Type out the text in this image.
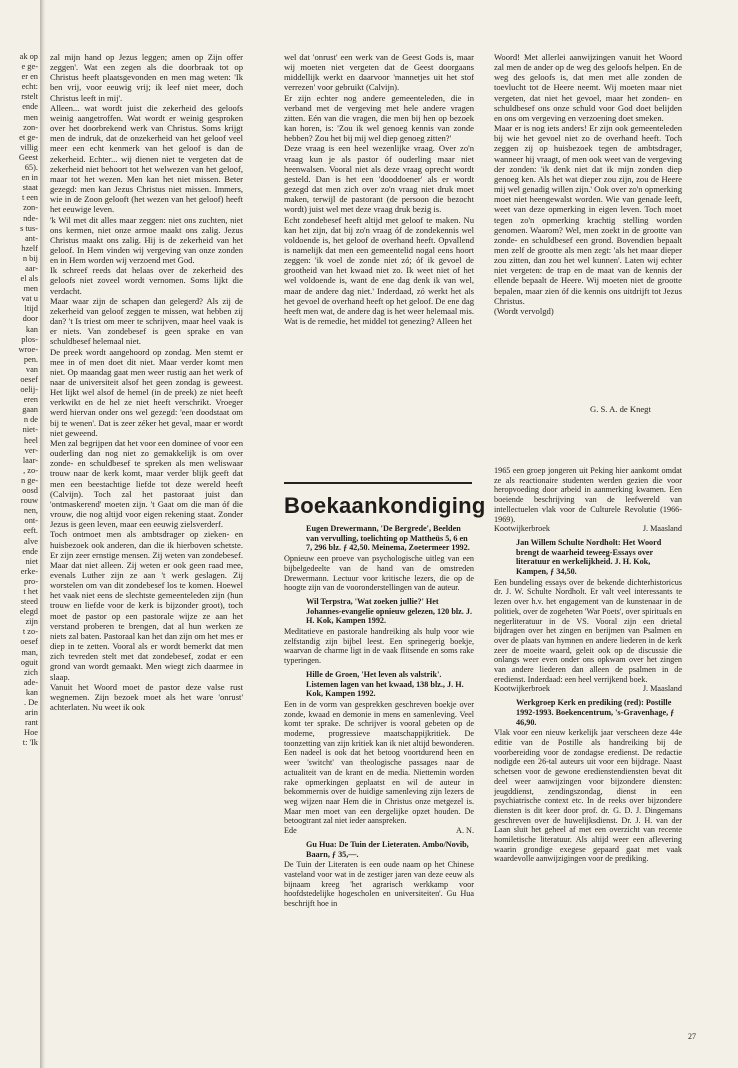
ak op
e ge-
er en
echt:
rstelt
ende
men
zon-
et ge-
villig
Geest
65).
en in
staat
t een
zon-
nde-
s tus-
ant-
hzelf
n bij
aar-
el als
men
vat u
ltijd
door
kan
plos-
wroe-
pen.
van
oesef
oelij-
eren
gaan
n de
niet-
heel
ver-
laar-
, zo-
n ge-
oosd
rouw
nen,
ont-
eeft.
alve
ende
niet
erke-
pro-
t het
steed
elegd
zijn
t zo-
oesef
man,
oguit
zich
ade-
kan
. De
arin
rant
Hoe
t: 'Ik

zal mijn hand op Jezus leggen; amen op Zijn offer zeggen'. Wat een zegen als die doorbraak tot op Christus heeft plaatsgevonden en men mag weten: 'Ik ben vrij, voor eeuwig vrij; ik leef niet meer, doch Christus leeft in mij'.

Alleen... wat wordt juist die zekerheid des geloofs weinig aangetroffen. Wat wordt er weinig gesproken over het doorbrekend werk van Christus. Soms krijgt men de indruk, dat de onzekerheid van het geloof veel meer een echt kenmerk van het geloof is dan de zekerheid. Echter... wij dienen niet te vergeten dat de zekerheid niet behoort tot het welwezen van het geloof, maar tot het wezen. Men kan het niet missen. Beter gezegd: men kan Jezus Christus niet missen. Immers, wie in de Zoon gelooft (het wezen van het geloof) heeft het eeuwige leven.

'k Wil met dit alles maar zeggen: niet ons zuchten, niet ons kermen, niet onze armoe maakt ons zalig. Jezus Christus maakt ons zalig. Hij is de zekerheid van het geloof. In Hem vinden wij vergeving van onze zonden en in Hem worden wij verzoend met God.

Ik schreef reeds dat helaas over de zekerheid des geloofs niet zoveel wordt vernomen. Soms lijkt die verdacht.

Maar waar zijn de schapen dan gelegerd? Als zij de zekerheid van geloof zeggen te missen, wat hebben zij dan? 't Is triest om meer te schrijven, maar heel vaak is er niets. Van zondebesef is geen sprake en van schuldbesef helemaal niet.

De preek wordt aangehoord op zondag. Men stemt er mee in of men doet dit niet. Maar verder komt men niet. Op maandag gaat men weer rustig aan het werk of naar de universiteit alsof het geen zondag is geweest. Het lijkt wel alsof de hemel (in de preek) ze niet heeft verkwikt en de hel ze niet heeft verschrikt. Vroeger werd hiervan onder ons wel gezegd: 'een doodstaat om bij te wenen'. Dat is zeer zéker het geval, maar er wordt niet geweend.

Men zal begrijpen dat het voor een dominee of voor een ouderling dan nog niet zo gemakkelijk is om over zonde- en schuldbesef te spreken als men weliswaar trouw naar de kerk komt, maar verder blijk geeft dat men een beestachtige liefde tot deze wereld heeft (Calvijn). Toch zal het pastoraat juist dan 'ontmaskerend' moeten zijn. 't Gaat om die man óf die vrouw, die nog altijd voor eigen rekening staat. Zonder Jezus is geen leven, maar een eeuwig zielsverderf.

Toch ontmoet men als ambtsdrager op zieken- en huisbezoek ook anderen, dan die ik hierboven schetste. Er zijn zeer ernstige mensen. Zij weten van zondebesef. Maar dat niet alleen. Zij weten er ook geen raad mee, evenals Luther zijn ze aan 't werk geslagen. Zij worstelen om van dit zondebesef los te komen. Hoewel het vaak niet eens de slechtste gemeenteleden zijn (hun trouw en liefde voor de kerk is bijzonder groot), toch moet de pastor op een pastorale wijze ze aan het verstand proberen te brengen, dat al hun werken ze niets zal baten. Pastoraal kan het dan zijn om het mes er diep in te zetten. Vooral als er wordt bemerkt dat men zich tevreden stelt met dat zondebesef, zodat er een grond van wordt gemaakt. Men wiegt zich daarmee in slaap.

Vanuit het Woord moet de pastor deze valse rust wegnemen. Zijn bezoek moet als het ware 'onrust' achterlaten. Nu weet ik ook

wel dat 'onrust' een werk van de Geest Gods is, maar wij moeten niet vergeten dat de Geest doorgaans middellijk werkt en daarvoor 'mannetjes uit het stof verrezen' voor gebruikt (Calvijn).

Er zijn echter nog andere gemeenteleden, die in verband met de vergeving met hele andere vragen zitten. Eén van die vragen, die men bij hen op bezoek kan horen, is: 'Zou ik wel genoeg kennis van zonde hebben? Zou het bij mij wel diep genoeg zitten?'

Deze vraag is een heel wezenlijke vraag. Over zo'n vraag kun je als pastor óf ouderling maar niet heenwalsen. Vooral niet als deze vraag oprecht wordt gesteld. Dan is het een 'dooddoener' als er wordt gezegd dat men zich over zo'n vraag niet druk moet maken, terwijl de pastorant (de persoon die bezocht wordt) juist wel met deze vraag druk bezig is.

Echt zondebesef heeft altijd met geloof te maken. Nu kan het zijn, dat bij zo'n vraag óf de zondekennis wel voldoende is, het geloof de overhand heeft. Opvallend is namelijk dat men een gemeentelid nogal eens hoort zeggen: 'ik voel de zonde niet zó; óf ik gevoel de grootheid van het kwaad niet zo. Ik weet niet of het wel voldoende is, want de ene dag denk ik van wel, maar de andere dag niet.' Inderdaad, zó werkt het als het gevoel de overhand heeft op het geloof. De ene dag heeft men wat, de andere dag is het weer helemaal mis. Wat is de remedie, het middel tot genezing? Alleen het

Woord! Met allerlei aanwijzingen vanuit het Woord zal men de ander op de weg des geloofs helpen. En de weg des geloofs is, dat men met alle zonden de toevlucht tot de Heere neemt. Wij moeten maar niet vergeten, dat niet het gevoel, maar het zonden- en schuldbesef ons onze schuld voor God doet belijden en ons om vergeving en verzoening doet smeken.

Maar er is nog iets anders! Er zijn ook gemeenteleden bij wie het gevoel niet zo de overhand heeft. Toch zeggen zij op huisbezoek tegen de ambtsdrager, wanneer hij vraagt, of men ook weet van de vergeving der zonden: 'ik denk niet dat ik mijn zonden diep genoeg ken. Als het wat dieper zou zijn, zou de Heere mij wel genadig willen zijn.' Ook over zo'n opmerking moet niet heengewalst worden. Wie van genade leeft, weet van deze opmerking in eigen leven. Toch moet tegen zo'n opmerking krachtig stelling worden genomen. Waarom? Wel, men zoekt in de grootte van zonde- en schuldbesef een grond. Bovendien bepaalt men zelf de grootte als men zegt: 'als het maar dieper zou zitten, dan zou het wel kunnen'. Laten wij echter niet vergeten: de trap en de maat van de kennis der ellende bepaalt de Heere. Wij moeten niet de grootte bepalen, maar zien óf die kennis ons uitdrijft tot Jezus Christus.

(Wordt vervolgd)

G. S. A. de Knegt
Boekaankondiging

Eugen Drewermann, 'De Bergrede', Beelden van vervulling, toelichting op Mattheüs 5, 6 en 7, 296 blz. ƒ 42,50. Meinema, Zoetermeer 1992.

Opnieuw een proeve van psychologische uitleg van een bijbelgedeelte van de hand van de omstreden Drewermann. Lectuur voor kritische lezers, die op de hoogte zijn van de vooronderstellingen van de auteur.

Wil Terpstra, 'Wat zoeken jullie?' Het Johannes-evangelie opnieuw gelezen, 120 blz. J. H. Kok, Kampen 1992.

Meditatieve en pastorale handreiking als hulp voor wie zelfstandig zijn bijbel leest. Een sprinegerig boekje, waarvan de charme ligt in de vaak flitsende en soms rake typeringen.

Hille de Groen, 'Het leven als valstrik'. Listemen lagen van het kwaad, 138 blz., J. H. Kok, Kampen 1992.

Een in de vorm van gesprekken geschreven boekje over zonde, kwaad en demonie in mens en samenleving. Veel komt ter sprake. De schrijver is vooral gebeten op de moderne, progressieve maatschappijkritiek. De toonzetting van zijn kritiek kan ik niet altijd bewonderen. Een nadeel is ook dat het betoog voortdurend heen en weer 'switcht' van theologische passages naar de actualiteit van de krant en de media. Niettemin worden rake opmerkingen geplaatst en wil de auteur in bekommernis over de huidige samenleving zijn lezers de weg wijzen naar Hem die in Christus onze metgezel is. Maar men moet van een dergelijke opzet houden. De betoogtrant zal niet ieder aanspreken.

Ede	A. N.

Gu Hua: De Tuin der Lieteraten. Ambo/Novib, Baarn, ƒ 35,—.

De Tuin der Literaten is een oude naam op het Chinese vasteland voor wat in de zestiger jaren van deze eeuw als bijnaam kreeg 'het agrarisch werkkamp voor hoofdstedelijke hogescholen en universiteiten'. Gu Hua beschrijft hoe in

1965 een groep jongeren uit Peking hier aankomt omdat ze als reactionaire studenten werden gezien die voor heropvoeding door arbeid in aanmerking kwamen. Een boeiende beschrijving van de leefwereld van intellectuelen vlak voor de Culturele Revolutie (1966-1969).

Kootwijkerbroek	J. Maasland

Jan Willem Schulte Nordholt: Het Woord brengt de waarheid teweeg-Essays over literatuur en werkelijkheid. J. H. Kok, Kampen, ƒ 34,50.

Een bundeling essays over de bekende dichterhistoricus dr. J. W. Schulte Nordholt. Er valt veel interessants te lezen over h.v. het engagement van de kunstenaar in de politiek, over de zogeheten 'War Poets', over spirituals en negerliteratuur in de VS. Vooral zijn een drietal bijdragen over het zingen en berijmen van Psalmen en over de plaats van hymnen en andere liederen in de kerk zeer de moeite waard, geleit ook op de discussie die onlangs weer even onder ons opkwam over het zingen van andere liederen dan alleen de psalmen in de eredienst. Inderdaad: een heel verrijkend boek.

Kootwijkerbroek	J. Maasland

Werkgroep Kerk en prediking (red): Postille 1992-1993. Boekencentrum, 's-Gravenhage, ƒ 46,90.

Vlak voor een nieuw kerkelijk jaar verscheen deze 44e editie van de Postille als handreiking bij de voorbereiding voor de zondagse eredienst. De redactie nodigde een 26-tal auteurs uit voor een bijdrage. Naast schetsen voor de gewone eredienstendiensten bevat dit deel weer aanwijzingen voor bijzondere diensten: jeugddienst, zendingszondag, dienst in een psychiatrische context etc. In de reeks over bijzondere diensten is dit keer door prof. dr. G. D. J. Dingemans geschreven over de huwelijksdienst. Dr. J. H. van der Laan sluit het geheel af met een overzicht van recente homiletische literatuur. Als altijd weer een aflevering waarin grondige exegese gepaard gaat met vaak waardevolle aanwijzigingen voor de prediking.

27
